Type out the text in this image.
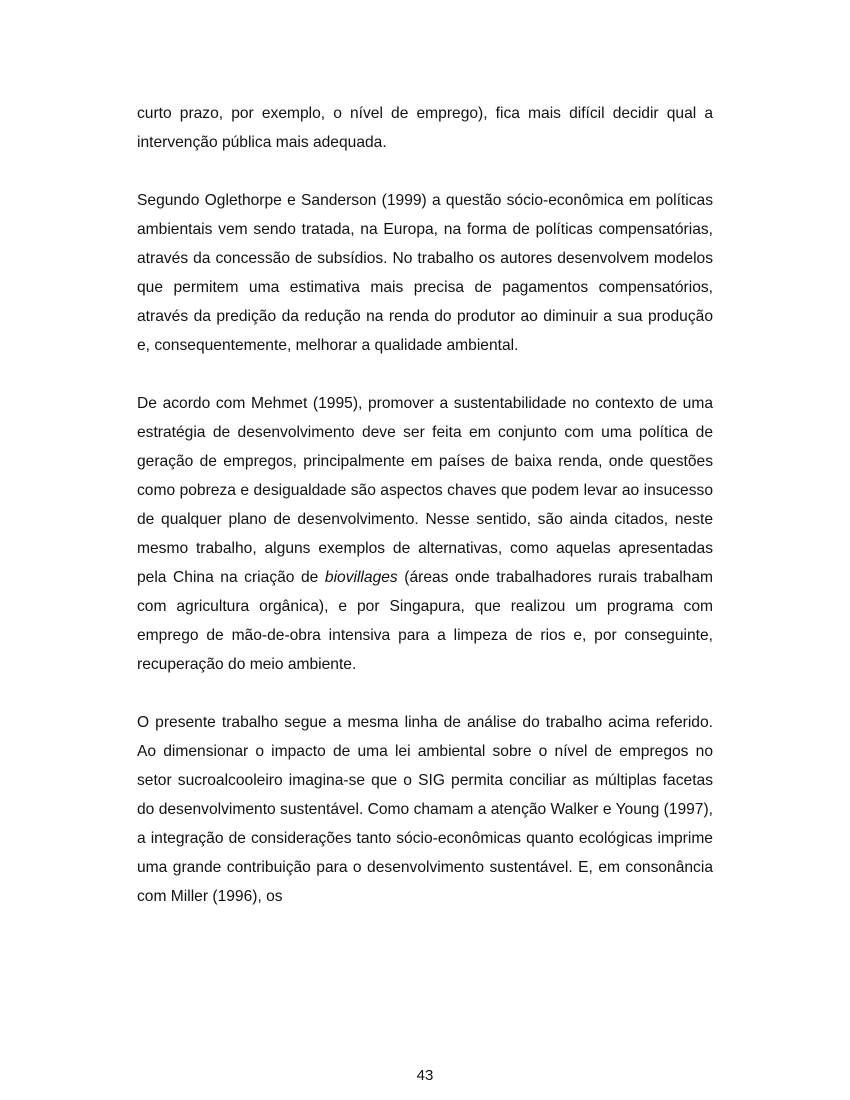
curto prazo, por exemplo, o nível de emprego), fica mais difícil decidir qual a intervenção pública mais adequada.

Segundo Oglethorpe e Sanderson (1999) a questão sócio-econômica em políticas ambientais vem sendo tratada, na Europa, na forma de políticas compensatórias, através da concessão de subsídios. No trabalho os autores desenvolvem modelos que permitem uma estimativa mais precisa de pagamentos compensatórios, através da predição da redução na renda do produtor ao diminuir a sua produção e, consequentemente, melhorar a qualidade ambiental.

De acordo com Mehmet (1995), promover a sustentabilidade no contexto de uma estratégia de desenvolvimento deve ser feita em conjunto com uma política de geração de empregos, principalmente em países de baixa renda, onde questões como pobreza e desigualdade são aspectos chaves que podem levar ao insucesso de qualquer plano de desenvolvimento. Nesse sentido, são ainda citados, neste mesmo trabalho, alguns exemplos de alternativas, como aquelas apresentadas pela China na criação de biovillages (áreas onde trabalhadores rurais trabalham com agricultura orgânica), e por Singapura, que realizou um programa com emprego de mão-de-obra intensiva para a limpeza de rios e, por conseguinte, recuperação do meio ambiente.

O presente trabalho segue a mesma linha de análise do trabalho acima referido. Ao dimensionar o impacto de uma lei ambiental sobre o nível de empregos no setor sucroalcooleiro imagina-se que o SIG permita conciliar as múltiplas facetas do desenvolvimento sustentável. Como chamam a atenção Walker e Young (1997), a integração de considerações tanto sócio-econômicas quanto ecológicas imprime uma grande contribuição para o desenvolvimento sustentável. E, em consonância com Miller (1996), os

43
